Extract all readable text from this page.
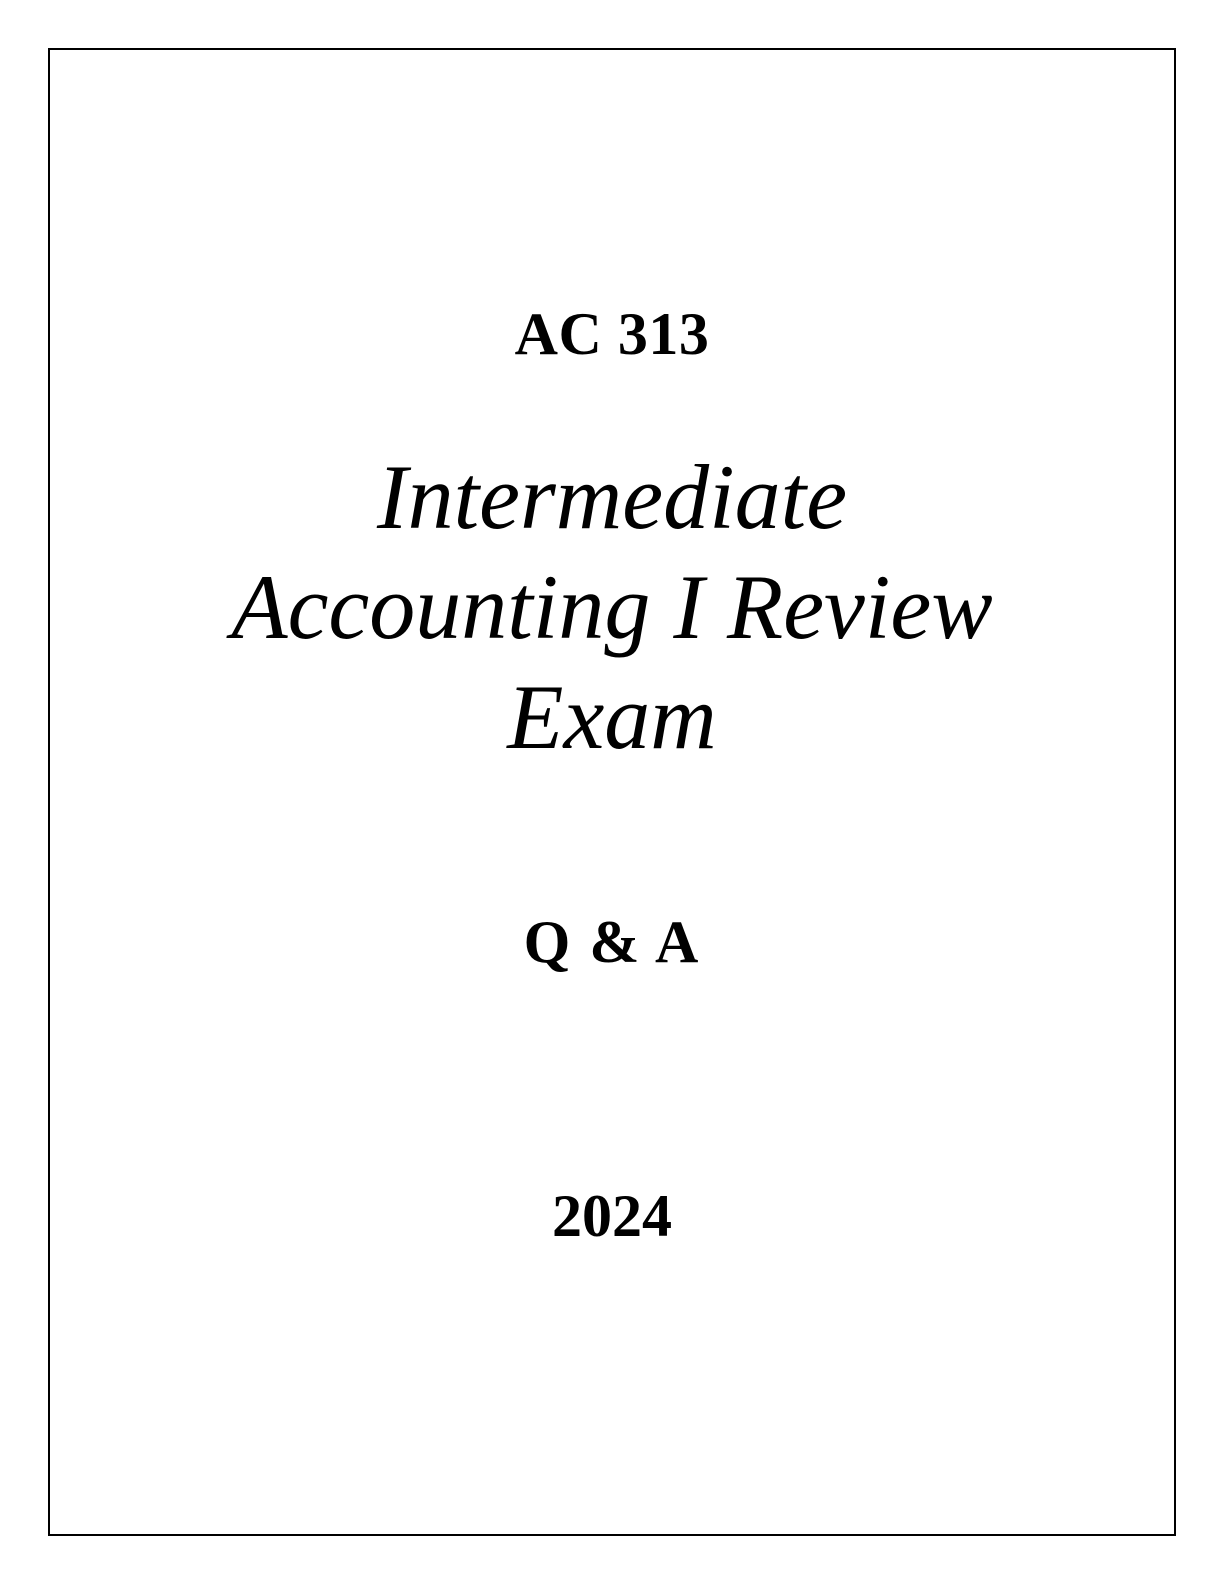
AC 313
Intermediate
Accounting I Review
Exam
Q & A
2024
